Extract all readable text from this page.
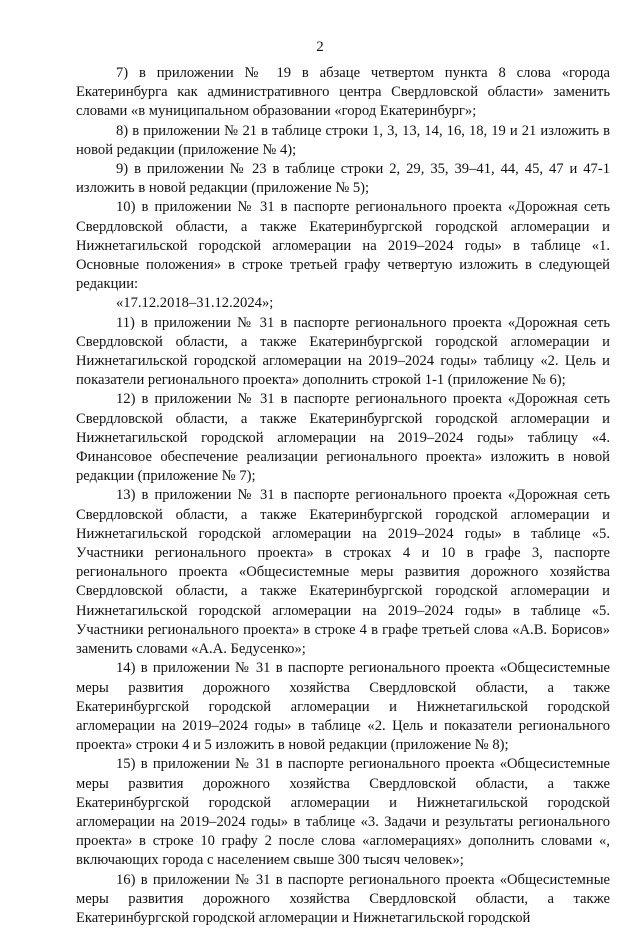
2

7) в приложении № 19 в абзаце четвертом пункта 8 слова «города Екатеринбурга как административного центра Свердловской области» заменить словами «в муниципальном образовании «город Екатеринбург»;

8) в приложении № 21 в таблице строки 1, 3, 13, 14, 16, 18, 19 и 21 изложить в новой редакции (приложение № 4);

9) в приложении № 23 в таблице строки 2, 29, 35, 39–41, 44, 45, 47 и 47-1 изложить в новой редакции (приложение № 5);

10) в приложении № 31 в паспорте регионального проекта «Дорожная сеть Свердловской области, а также Екатеринбургской городской агломерации и Нижнетагильской городской агломерации на 2019–2024 годы» в таблице «1. Основные положения» в строке третьей графу четвертую изложить в следующей редакции:

«17.12.2018–31.12.2024»;

11) в приложении № 31 в паспорте регионального проекта «Дорожная сеть Свердловской области, а также Екатеринбургской городской агломерации и Нижнетагильской городской агломерации на 2019–2024 годы» таблицу «2. Цель и показатели регионального проекта» дополнить строкой 1-1 (приложение № 6);

12) в приложении № 31 в паспорте регионального проекта «Дорожная сеть Свердловской области, а также Екатеринбургской городской агломерации и Нижнетагильской городской агломерации на 2019–2024 годы» таблицу «4. Финансовое обеспечение реализации регионального проекта» изложить в новой редакции (приложение № 7);

13) в приложении № 31 в паспорте регионального проекта «Дорожная сеть Свердловской области, а также Екатеринбургской городской агломерации и Нижнетагильской городской агломерации на 2019–2024 годы» в таблице «5. Участники регионального проекта» в строках 4 и 10 в графе 3, паспорте регионального проекта «Общесистемные меры развития дорожного хозяйства Свердловской области, а также Екатеринбургской городской агломерации и Нижнетагильской городской агломерации на 2019–2024 годы» в таблице «5. Участники регионального проекта» в строке 4 в графе третьей слова «А.В. Борисов» заменить словами «А.А. Бедусенко»;

14) в приложении № 31 в паспорте регионального проекта «Общесистемные меры развития дорожного хозяйства Свердловской области, а также Екатеринбургской городской агломерации и Нижнетагильской городской агломерации на 2019–2024 годы» в таблице «2. Цель и показатели регионального проекта» строки 4 и 5 изложить в новой редакции (приложение № 8);

15) в приложении № 31 в паспорте регионального проекта «Общесистемные меры развития дорожного хозяйства Свердловской области, а также Екатеринбургской городской агломерации и Нижнетагильской городской агломерации на 2019–2024 годы» в таблице «3. Задачи и результаты регионального проекта» в строке 10 графу 2 после слова «агломерациях» дополнить словами «, включающих города с населением свыше 300 тысяч человек»;

16) в приложении № 31 в паспорте регионального проекта «Общесистемные меры развития дорожного хозяйства Свердловской области, а также Екатеринбургской городской агломерации и Нижнетагильской городской
